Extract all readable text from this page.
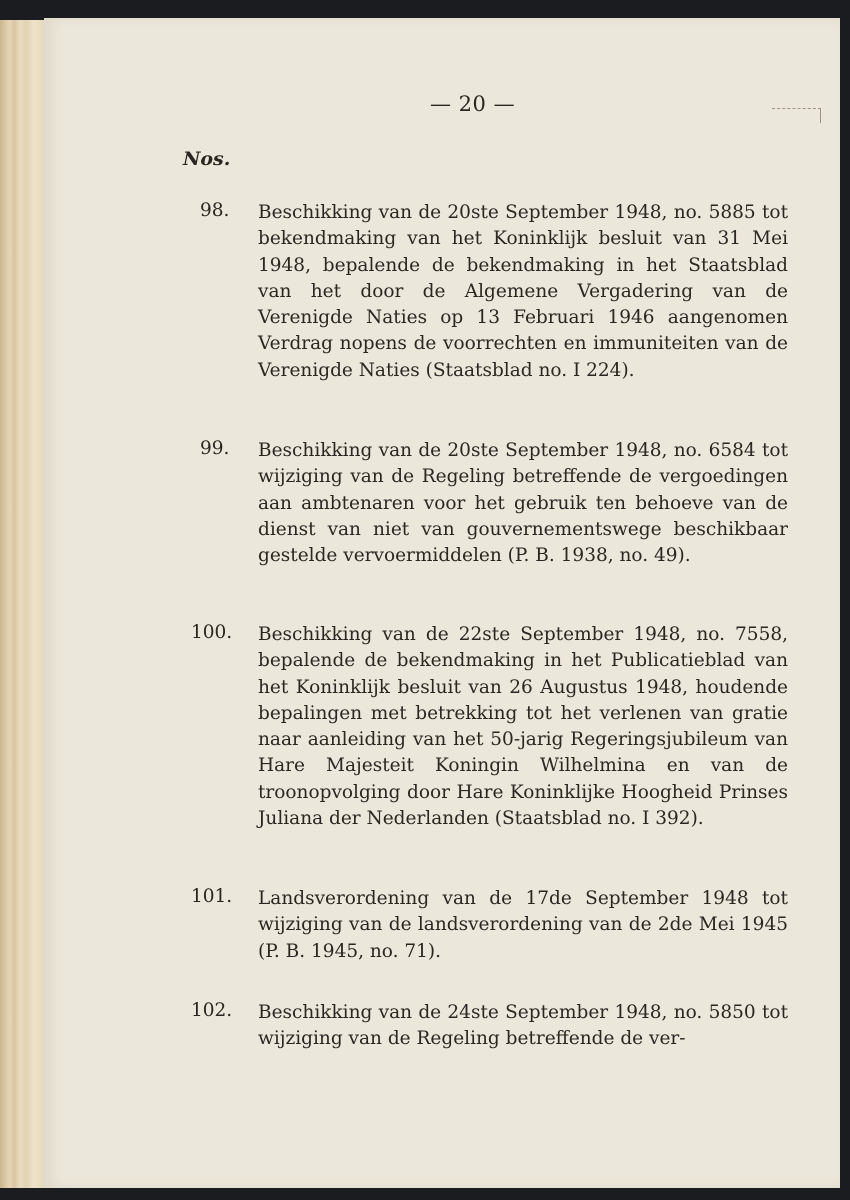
— 20 —
Nos.
98. Beschikking van de 20ste September 1948, no. 5885 tot bekendmaking van het Koninklijk besluit van 31 Mei 1948, bepalende de bekendmaking in het Staatsblad van het door de Algemene Vergadering van de Verenigde Naties op 13 Februari 1946 aangenomen Verdrag nopens de voorrechten en immuniteiten van de Verenigde Naties (Staatsblad no. I 224).

99. Beschikking van de 20ste September 1948, no. 6584 tot wijziging van de Regeling betreffende de vergoedingen aan ambtenaren voor het gebruik ten behoeve van de dienst van niet van gouvernementswege beschikbaar gestelde vervoermiddelen (P. B. 1938, no. 49).

100. Beschikking van de 22ste September 1948, no. 7558, bepalende de bekendmaking in het Publicatieblad van het Koninklijk besluit van 26 Augustus 1948, houdende bepalingen met betrekking tot het verlenen van gratie naar aanleiding van het 50-jarig Regeringsjubileum van Hare Majesteit Koningin Wilhelmina en van de troonopvolging door Hare Koninklijke Hoogheid Prinses Juliana der Nederlanden (Staatsblad no. I 392).

101. Landsverordening van de 17de September 1948 tot wijziging van de landsverordening van de 2de Mei 1945 (P. B. 1945, no. 71).

102. Beschikking van de 24ste September 1948, no. 5850 tot wijziging van de Regeling betreffende de ver-
